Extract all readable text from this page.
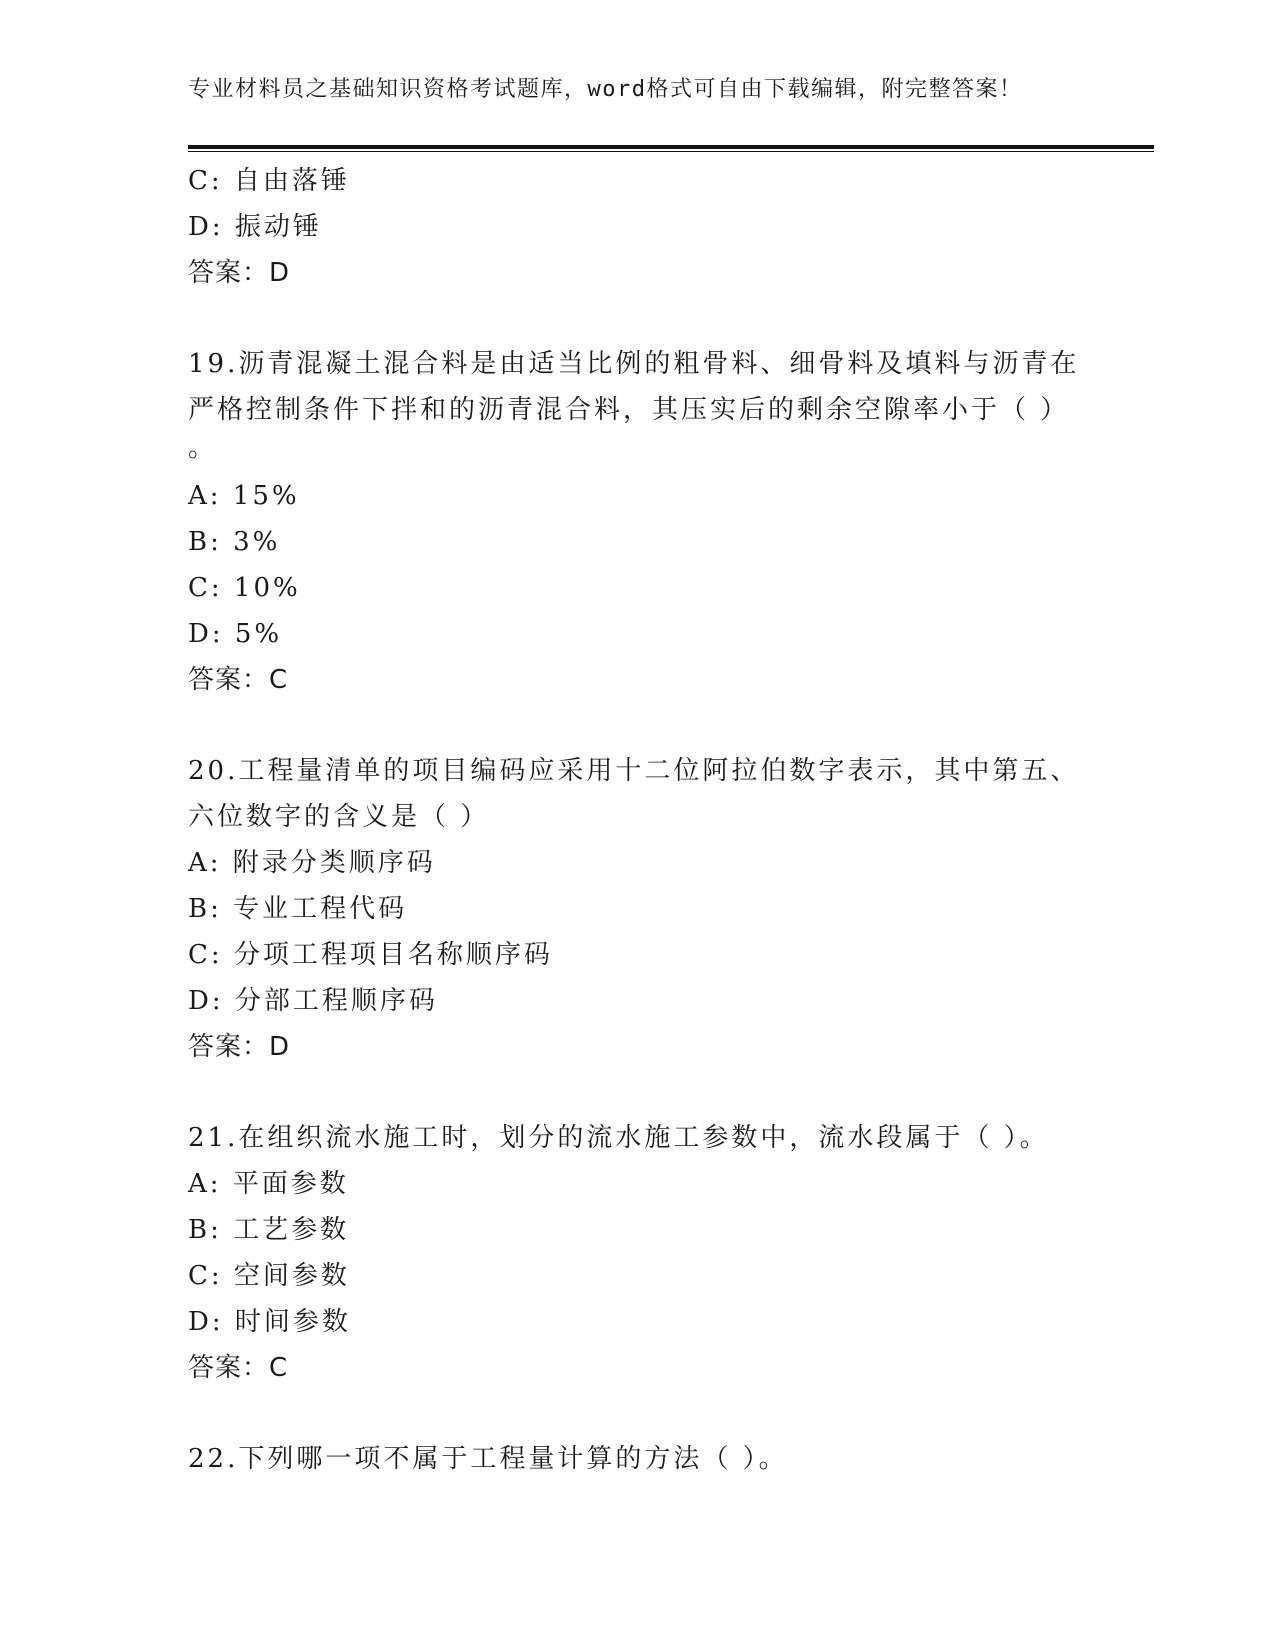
专业材料员之基础知识资格考试题库，word格式可自由下载编辑，附完整答案！
C: 自由落锤
D: 振动锤
答案：D
19.沥青混凝土混合料是由适当比例的粗骨料、细骨料及填料与沥青在
严格控制条件下拌和的沥青混合料，其压实后的剩余空隙率小于（ ）
。
A: 15%
B: 3%
C: 10%
D: 5%
答案：C
20.工程量清单的项目编码应采用十二位阿拉伯数字表示，其中第五、
六位数字的含义是（ ）
A: 附录分类顺序码
B: 专业工程代码
C: 分项工程项目名称顺序码
D: 分部工程顺序码
答案：D
21.在组织流水施工时，划分的流水施工参数中，流水段属于（ ）。
A: 平面参数
B: 工艺参数
C: 空间参数
D: 时间参数
答案：C
22.下列哪一项不属于工程量计算的方法（ ）。
